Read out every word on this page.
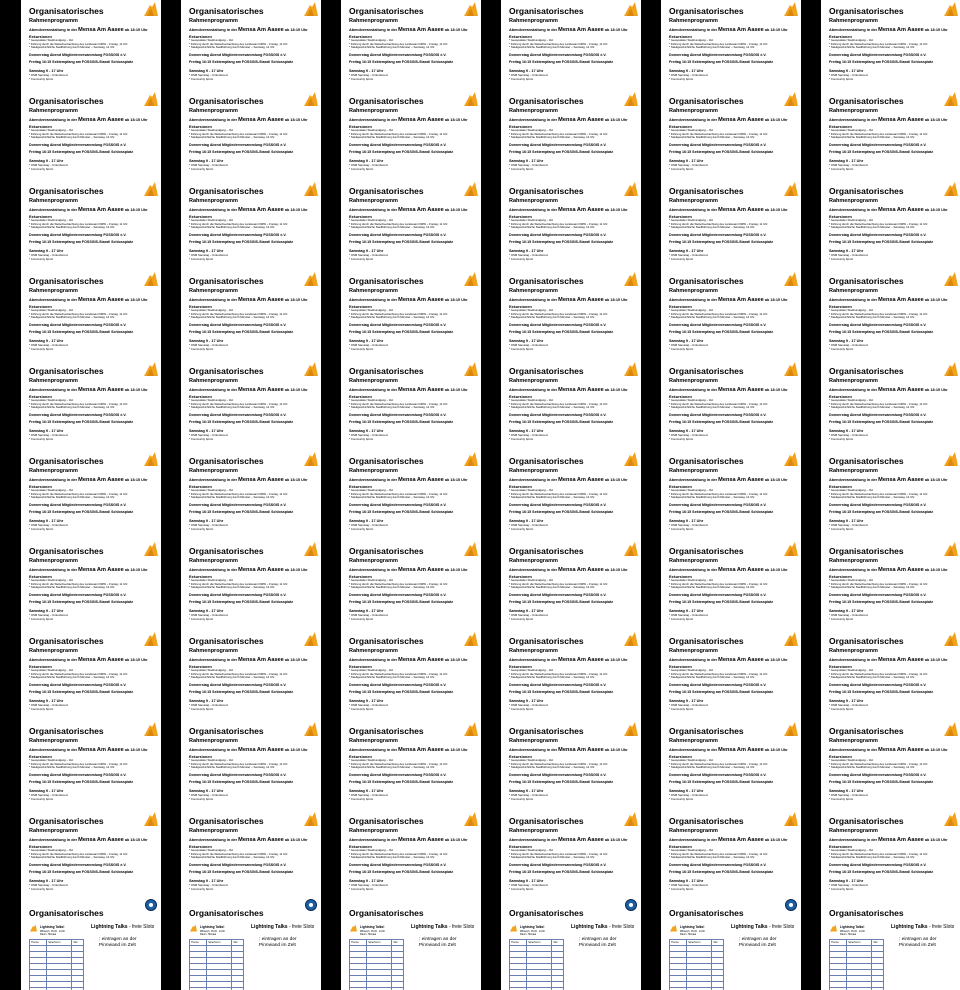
Organisatorisches
Rahmenprogramm
Abendveranstaltung in der Mensa Am Aasee ab 18:15 Uhr
Exkursionen
* Geospatialer Stadtrundgang – tbd
* Führung durch die Wetterbeobachtung des Landesamt NRW – Freitag, 11 Uhr
* Stadtgeschichtliche Stadtführung durch Münster – Samstag, 14 Uhr
Donnerstag Abend Mitgliederversammlung FOSSGIS e.V.
Freitag 16:15 Sektempfang am FOSSGIS-Stand/ Schlossplatz
Samstag 9 - 17 Uhr
* OSM Samstag – Unkonferenz
* Community Sprint
Organisatorisches
Rahmenprogramm
Abendveranstaltung in der Mensa Am Aasee ab 18:15 Uhr
Exkursionen
* Geospatialer Stadtrundgang – tbd
* Führung durch die Wetterbeobachtung des Landesamt NRW – Freitag, 11 Uhr
* Stadtgeschichtliche Stadtführung durch Münster – Samstag, 14 Uhr
Donnerstag Abend Mitgliederversammlung FOSSGIS e.V.
Freitag 16:15 Sektempfang am FOSSGIS-Stand/ Schlossplatz
Samstag 9 - 17 Uhr
* OSM Samstag – Unkonferenz
* Community Sprint
Organisatorisches
Rahmenprogramm
Abendveranstaltung in der Mensa Am Aasee ab 18:15 Uhr
Exkursionen
* Geospatialer Stadtrundgang – tbd
* Führung durch die Wetterbeobachtung des Landesamt NRW – Freitag, 11 Uhr
* Stadtgeschichtliche Stadtführung durch Münster – Samstag, 14 Uhr
Donnerstag Abend Mitgliederversammlung FOSSGIS e.V.
Freitag 16:15 Sektempfang am FOSSGIS-Stand/ Schlossplatz
Samstag 9 - 17 Uhr
* OSM Samstag – Unkonferenz
* Community Sprint
Organisatorisches
Rahmenprogramm
Abendveranstaltung in der Mensa Am Aasee ab 18:15 Uhr
Exkursionen
* Geospatialer Stadtrundgang – tbd
* Führung durch die Wetterbeobachtung des Landesamt NRW – Freitag, 11 Uhr
* Stadtgeschichtliche Stadtführung durch Münster – Samstag, 14 Uhr
Donnerstag Abend Mitgliederversammlung FOSSGIS e.V.
Freitag 16:15 Sektempfang am FOSSGIS-Stand/ Schlossplatz
Samstag 9 - 17 Uhr
* OSM Samstag – Unkonferenz
* Community Sprint
Organisatorisches
Rahmenprogramm
Abendveranstaltung in der Mensa Am Aasee ab 18:15 Uhr
Exkursionen
* Geospatialer Stadtrundgang – tbd
* Führung durch die Wetterbeobachtung des Landesamt NRW – Freitag, 11 Uhr
* Stadtgeschichtliche Stadtführung durch Münster – Samstag, 14 Uhr
Donnerstag Abend Mitgliederversammlung FOSSGIS e.V.
Freitag 16:15 Sektempfang am FOSSGIS-Stand/ Schlossplatz
Samstag 9 - 17 Uhr
* OSM Samstag – Unkonferenz
* Community Sprint
Organisatorisches
Rahmenprogramm
Abendveranstaltung in der Mensa Am Aasee ab 18:15 Uhr
Exkursionen
* Geospatialer Stadtrundgang – tbd
* Führung durch die Wetterbeobachtung des Landesamt NRW – Freitag, 11 Uhr
* Stadtgeschichtliche Stadtführung durch Münster – Samstag, 14 Uhr
Donnerstag Abend Mitgliederversammlung FOSSGIS e.V.
Freitag 16:15 Sektempfang am FOSSGIS-Stand/ Schlossplatz
Samstag 9 - 17 Uhr
* OSM Samstag – Unkonferenz
* Community Sprint
Organisatorisches
Rahmenprogramm
Abendveranstaltung in der Mensa Am Aasee ab 18:15 Uhr
Exkursionen
* Geospatialer Stadtrundgang – tbd
* Führung durch die Wetterbeobachtung des Landesamt NRW – Freitag, 11 Uhr
* Stadtgeschichtliche Stadtführung durch Münster – Samstag, 14 Uhr
Donnerstag Abend Mitgliederversammlung FOSSGIS e.V.
Freitag 16:15 Sektempfang am FOSSGIS-Stand/ Schlossplatz
Samstag 9 - 17 Uhr
* OSM Samstag – Unkonferenz
* Community Sprint
Organisatorisches
Rahmenprogramm
Abendveranstaltung in der Mensa Am Aasee ab 18:15 Uhr
Exkursionen
* Geospatialer Stadtrundgang – tbd
* Führung durch die Wetterbeobachtung des Landesamt NRW – Freitag, 11 Uhr
* Stadtgeschichtliche Stadtführung durch Münster – Samstag, 14 Uhr
Donnerstag Abend Mitgliederversammlung FOSSGIS e.V.
Freitag 16:15 Sektempfang am FOSSGIS-Stand/ Schlossplatz
Samstag 9 - 17 Uhr
* OSM Samstag – Unkonferenz
* Community Sprint
Organisatorisches
Rahmenprogramm
Abendveranstaltung in der Mensa Am Aasee ab 18:15 Uhr
Exkursionen
* Geospatialer Stadtrundgang – tbd
* Führung durch die Wetterbeobachtung des Landesamt NRW – Freitag, 11 Uhr
* Stadtgeschichtliche Stadtführung durch Münster – Samstag, 14 Uhr
Donnerstag Abend Mitgliederversammlung FOSSGIS e.V.
Freitag 16:15 Sektempfang am FOSSGIS-Stand/ Schlossplatz
Samstag 9 - 17 Uhr
* OSM Samstag – Unkonferenz
* Community Sprint
Organisatorisches
Rahmenprogramm
Abendveranstaltung in der Mensa Am Aasee ab 18:15 Uhr
Exkursionen
* Geospatialer Stadtrundgang – tbd
* Führung durch die Wetterbeobachtung des Landesamt NRW – Freitag, 11 Uhr
* Stadtgeschichtliche Stadtführung durch Münster – Samstag, 14 Uhr
Donnerstag Abend Mitgliederversammlung FOSSGIS e.V.
Freitag 16:15 Sektempfang am FOSSGIS-Stand/ Schlossplatz
Samstag 9 - 17 Uhr
* OSM Samstag – Unkonferenz
* Community Sprint
Organisatorisches
Lightning Talks!
Mittwoch, 18.03., 14:00
Raum: Hörsaal
Thema	Sprecher:in	Slot

Lightning Talks - freie Slots
: eintragen an der
Pinnwand im Zelt
Organisatorisches
Rahmenprogramm
Abendveranstaltung in der Mensa Am Aasee ab 18:15 Uhr
Exkursionen
* Geospatialer Stadtrundgang – tbd
* Führung durch die Wetterbeobachtung des Landesamt NRW – Freitag, 11 Uhr
* Stadtgeschichtliche Stadtführung durch Münster – Samstag, 14 Uhr
Donnerstag Abend Mitgliederversammlung FOSSGIS e.V.
Freitag 16:15 Sektempfang am FOSSGIS-Stand/ Schlossplatz
Samstag 9 - 17 Uhr
* OSM Samstag – Unkonferenz
* Community Sprint
Organisatorisches
Rahmenprogramm
Abendveranstaltung in der Mensa Am Aasee ab 18:15 Uhr
Exkursionen
* Geospatialer Stadtrundgang – tbd
* Führung durch die Wetterbeobachtung des Landesamt NRW – Freitag, 11 Uhr
* Stadtgeschichtliche Stadtführung durch Münster – Samstag, 14 Uhr
Donnerstag Abend Mitgliederversammlung FOSSGIS e.V.
Freitag 16:15 Sektempfang am FOSSGIS-Stand/ Schlossplatz
Samstag 9 - 17 Uhr
* OSM Samstag – Unkonferenz
* Community Sprint
Organisatorisches
Rahmenprogramm
Abendveranstaltung in der Mensa Am Aasee ab 18:15 Uhr
Exkursionen
* Geospatialer Stadtrundgang – tbd
* Führung durch die Wetterbeobachtung des Landesamt NRW – Freitag, 11 Uhr
* Stadtgeschichtliche Stadtführung durch Münster – Samstag, 14 Uhr
Donnerstag Abend Mitgliederversammlung FOSSGIS e.V.
Freitag 16:15 Sektempfang am FOSSGIS-Stand/ Schlossplatz
Samstag 9 - 17 Uhr
* OSM Samstag – Unkonferenz
* Community Sprint
Organisatorisches
Rahmenprogramm
Abendveranstaltung in der Mensa Am Aasee ab 18:15 Uhr
Exkursionen
* Geospatialer Stadtrundgang – tbd
* Führung durch die Wetterbeobachtung des Landesamt NRW – Freitag, 11 Uhr
* Stadtgeschichtliche Stadtführung durch Münster – Samstag, 14 Uhr
Donnerstag Abend Mitgliederversammlung FOSSGIS e.V.
Freitag 16:15 Sektempfang am FOSSGIS-Stand/ Schlossplatz
Samstag 9 - 17 Uhr
* OSM Samstag – Unkonferenz
* Community Sprint
Organisatorisches
Rahmenprogramm
Abendveranstaltung in der Mensa Am Aasee ab 18:15 Uhr
Exkursionen
* Geospatialer Stadtrundgang – tbd
* Führung durch die Wetterbeobachtung des Landesamt NRW – Freitag, 11 Uhr
* Stadtgeschichtliche Stadtführung durch Münster – Samstag, 14 Uhr
Donnerstag Abend Mitgliederversammlung FOSSGIS e.V.
Freitag 16:15 Sektempfang am FOSSGIS-Stand/ Schlossplatz
Samstag 9 - 17 Uhr
* OSM Samstag – Unkonferenz
* Community Sprint
Organisatorisches
Rahmenprogramm
Abendveranstaltung in der Mensa Am Aasee ab 18:15 Uhr
Exkursionen
* Geospatialer Stadtrundgang – tbd
* Führung durch die Wetterbeobachtung des Landesamt NRW – Freitag, 11 Uhr
* Stadtgeschichtliche Stadtführung durch Münster – Samstag, 14 Uhr
Donnerstag Abend Mitgliederversammlung FOSSGIS e.V.
Freitag 16:15 Sektempfang am FOSSGIS-Stand/ Schlossplatz
Samstag 9 - 17 Uhr
* OSM Samstag – Unkonferenz
* Community Sprint
Organisatorisches
Rahmenprogramm
Abendveranstaltung in der Mensa Am Aasee ab 18:15 Uhr
Exkursionen
* Geospatialer Stadtrundgang – tbd
* Führung durch die Wetterbeobachtung des Landesamt NRW – Freitag, 11 Uhr
* Stadtgeschichtliche Stadtführung durch Münster – Samstag, 14 Uhr
Donnerstag Abend Mitgliederversammlung FOSSGIS e.V.
Freitag 16:15 Sektempfang am FOSSGIS-Stand/ Schlossplatz
Samstag 9 - 17 Uhr
* OSM Samstag – Unkonferenz
* Community Sprint
Organisatorisches
Rahmenprogramm
Abendveranstaltung in der Mensa Am Aasee ab 18:15 Uhr
Exkursionen
* Geospatialer Stadtrundgang – tbd
* Führung durch die Wetterbeobachtung des Landesamt NRW – Freitag, 11 Uhr
* Stadtgeschichtliche Stadtführung durch Münster – Samstag, 14 Uhr
Donnerstag Abend Mitgliederversammlung FOSSGIS e.V.
Freitag 16:15 Sektempfang am FOSSGIS-Stand/ Schlossplatz
Samstag 9 - 17 Uhr
* OSM Samstag – Unkonferenz
* Community Sprint
Organisatorisches
Rahmenprogramm
Abendveranstaltung in der Mensa Am Aasee ab 18:15 Uhr
Exkursionen
* Geospatialer Stadtrundgang – tbd
* Führung durch die Wetterbeobachtung des Landesamt NRW – Freitag, 11 Uhr
* Stadtgeschichtliche Stadtführung durch Münster – Samstag, 14 Uhr
Donnerstag Abend Mitgliederversammlung FOSSGIS e.V.
Freitag 16:15 Sektempfang am FOSSGIS-Stand/ Schlossplatz
Samstag 9 - 17 Uhr
* OSM Samstag – Unkonferenz
* Community Sprint
Organisatorisches
Rahmenprogramm
Abendveranstaltung in der Mensa Am Aasee ab 18:15 Uhr
Exkursionen
* Geospatialer Stadtrundgang – tbd
* Führung durch die Wetterbeobachtung des Landesamt NRW – Freitag, 11 Uhr
* Stadtgeschichtliche Stadtführung durch Münster – Samstag, 14 Uhr
Donnerstag Abend Mitgliederversammlung FOSSGIS e.V.
Freitag 16:15 Sektempfang am FOSSGIS-Stand/ Schlossplatz
Samstag 9 - 17 Uhr
* OSM Samstag – Unkonferenz
* Community Sprint
Organisatorisches
Lightning Talks!
Mittwoch, 18.03., 14:00
Raum: Hörsaal
Thema	Sprecher:in	Slot

Lightning Talks - freie Slots
: eintragen an der
Pinnwand im Zelt
Organisatorisches
Rahmenprogramm
Abendveranstaltung in der Mensa Am Aasee ab 18:15 Uhr
Exkursionen
* Geospatialer Stadtrundgang – tbd
* Führung durch die Wetterbeobachtung des Landesamt NRW – Freitag, 11 Uhr
* Stadtgeschichtliche Stadtführung durch Münster – Samstag, 14 Uhr
Donnerstag Abend Mitgliederversammlung FOSSGIS e.V.
Freitag 16:15 Sektempfang am FOSSGIS-Stand/ Schlossplatz
Samstag 9 - 17 Uhr
* OSM Samstag – Unkonferenz
* Community Sprint
Organisatorisches
Rahmenprogramm
Abendveranstaltung in der Mensa Am Aasee ab 18:15 Uhr
Exkursionen
* Geospatialer Stadtrundgang – tbd
* Führung durch die Wetterbeobachtung des Landesamt NRW – Freitag, 11 Uhr
* Stadtgeschichtliche Stadtführung durch Münster – Samstag, 14 Uhr
Donnerstag Abend Mitgliederversammlung FOSSGIS e.V.
Freitag 16:15 Sektempfang am FOSSGIS-Stand/ Schlossplatz
Samstag 9 - 17 Uhr
* OSM Samstag – Unkonferenz
* Community Sprint
Organisatorisches
Rahmenprogramm
Abendveranstaltung in der Mensa Am Aasee ab 18:15 Uhr
Exkursionen
* Geospatialer Stadtrundgang – tbd
* Führung durch die Wetterbeobachtung des Landesamt NRW – Freitag, 11 Uhr
* Stadtgeschichtliche Stadtführung durch Münster – Samstag, 14 Uhr
Donnerstag Abend Mitgliederversammlung FOSSGIS e.V.
Freitag 16:15 Sektempfang am FOSSGIS-Stand/ Schlossplatz
Samstag 9 - 17 Uhr
* OSM Samstag – Unkonferenz
* Community Sprint
Organisatorisches
Rahmenprogramm
Abendveranstaltung in der Mensa Am Aasee ab 18:15 Uhr
Exkursionen
* Geospatialer Stadtrundgang – tbd
* Führung durch die Wetterbeobachtung des Landesamt NRW – Freitag, 11 Uhr
* Stadtgeschichtliche Stadtführung durch Münster – Samstag, 14 Uhr
Donnerstag Abend Mitgliederversammlung FOSSGIS e.V.
Freitag 16:15 Sektempfang am FOSSGIS-Stand/ Schlossplatz
Samstag 9 - 17 Uhr
* OSM Samstag – Unkonferenz
* Community Sprint
Organisatorisches
Rahmenprogramm
Abendveranstaltung in der Mensa Am Aasee ab 18:15 Uhr
Exkursionen
* Geospatialer Stadtrundgang – tbd
* Führung durch die Wetterbeobachtung des Landesamt NRW – Freitag, 11 Uhr
* Stadtgeschichtliche Stadtführung durch Münster – Samstag, 14 Uhr
Donnerstag Abend Mitgliederversammlung FOSSGIS e.V.
Freitag 16:15 Sektempfang am FOSSGIS-Stand/ Schlossplatz
Samstag 9 - 17 Uhr
* OSM Samstag – Unkonferenz
* Community Sprint
Organisatorisches
Rahmenprogramm
Abendveranstaltung in der Mensa Am Aasee ab 18:15 Uhr
Exkursionen
* Geospatialer Stadtrundgang – tbd
* Führung durch die Wetterbeobachtung des Landesamt NRW – Freitag, 11 Uhr
* Stadtgeschichtliche Stadtführung durch Münster – Samstag, 14 Uhr
Donnerstag Abend Mitgliederversammlung FOSSGIS e.V.
Freitag 16:15 Sektempfang am FOSSGIS-Stand/ Schlossplatz
Samstag 9 - 17 Uhr
* OSM Samstag – Unkonferenz
* Community Sprint
Organisatorisches
Rahmenprogramm
Abendveranstaltung in der Mensa Am Aasee ab 18:15 Uhr
Exkursionen
* Geospatialer Stadtrundgang – tbd
* Führung durch die Wetterbeobachtung des Landesamt NRW – Freitag, 11 Uhr
* Stadtgeschichtliche Stadtführung durch Münster – Samstag, 14 Uhr
Donnerstag Abend Mitgliederversammlung FOSSGIS e.V.
Freitag 16:15 Sektempfang am FOSSGIS-Stand/ Schlossplatz
Samstag 9 - 17 Uhr
* OSM Samstag – Unkonferenz
* Community Sprint
Organisatorisches
Rahmenprogramm
Abendveranstaltung in der Mensa Am Aasee ab 18:15 Uhr
Exkursionen
* Geospatialer Stadtrundgang – tbd
* Führung durch die Wetterbeobachtung des Landesamt NRW – Freitag, 11 Uhr
* Stadtgeschichtliche Stadtführung durch Münster – Samstag, 14 Uhr
Donnerstag Abend Mitgliederversammlung FOSSGIS e.V.
Freitag 16:15 Sektempfang am FOSSGIS-Stand/ Schlossplatz
Samstag 9 - 17 Uhr
* OSM Samstag – Unkonferenz
* Community Sprint
Organisatorisches
Rahmenprogramm
Abendveranstaltung in der Mensa Am Aasee ab 18:15 Uhr
Exkursionen
* Geospatialer Stadtrundgang – tbd
* Führung durch die Wetterbeobachtung des Landesamt NRW – Freitag, 11 Uhr
* Stadtgeschichtliche Stadtführung durch Münster – Samstag, 14 Uhr
Donnerstag Abend Mitgliederversammlung FOSSGIS e.V.
Freitag 16:15 Sektempfang am FOSSGIS-Stand/ Schlossplatz
Samstag 9 - 17 Uhr
* OSM Samstag – Unkonferenz
* Community Sprint
Organisatorisches
Rahmenprogramm
Abendveranstaltung in der Mensa Am Aasee ab 18:15 Uhr
Exkursionen
* Geospatialer Stadtrundgang – tbd
* Führung durch die Wetterbeobachtung des Landesamt NRW – Freitag, 11 Uhr
* Stadtgeschichtliche Stadtführung durch Münster – Samstag, 14 Uhr
Donnerstag Abend Mitgliederversammlung FOSSGIS e.V.
Freitag 16:15 Sektempfang am FOSSGIS-Stand/ Schlossplatz
Samstag 9 - 17 Uhr
* OSM Samstag – Unkonferenz
* Community Sprint
Organisatorisches
Lightning Talks!
Mittwoch, 18.03., 14:00
Raum: Hörsaal
Thema	Sprecher:in	Slot

Lightning Talks - freie Slots
: eintragen an der
Pinnwand im Zelt
Organisatorisches
Rahmenprogramm
Abendveranstaltung in der Mensa Am Aasee ab 18:15 Uhr
Exkursionen
* Geospatialer Stadtrundgang – tbd
* Führung durch die Wetterbeobachtung des Landesamt NRW – Freitag, 11 Uhr
* Stadtgeschichtliche Stadtführung durch Münster – Samstag, 14 Uhr
Donnerstag Abend Mitgliederversammlung FOSSGIS e.V.
Freitag 16:15 Sektempfang am FOSSGIS-Stand/ Schlossplatz
Samstag 9 - 17 Uhr
* OSM Samstag – Unkonferenz
* Community Sprint
Organisatorisches
Rahmenprogramm
Abendveranstaltung in der Mensa Am Aasee ab 18:15 Uhr
Exkursionen
* Geospatialer Stadtrundgang – tbd
* Führung durch die Wetterbeobachtung des Landesamt NRW – Freitag, 11 Uhr
* Stadtgeschichtliche Stadtführung durch Münster – Samstag, 14 Uhr
Donnerstag Abend Mitgliederversammlung FOSSGIS e.V.
Freitag 16:15 Sektempfang am FOSSGIS-Stand/ Schlossplatz
Samstag 9 - 17 Uhr
* OSM Samstag – Unkonferenz
* Community Sprint
Organisatorisches
Rahmenprogramm
Abendveranstaltung in der Mensa Am Aasee ab 18:15 Uhr
Exkursionen
* Geospatialer Stadtrundgang – tbd
* Führung durch die Wetterbeobachtung des Landesamt NRW – Freitag, 11 Uhr
* Stadtgeschichtliche Stadtführung durch Münster – Samstag, 14 Uhr
Donnerstag Abend Mitgliederversammlung FOSSGIS e.V.
Freitag 16:15 Sektempfang am FOSSGIS-Stand/ Schlossplatz
Samstag 9 - 17 Uhr
* OSM Samstag – Unkonferenz
* Community Sprint
Organisatorisches
Rahmenprogramm
Abendveranstaltung in der Mensa Am Aasee ab 18:15 Uhr
Exkursionen
* Geospatialer Stadtrundgang – tbd
* Führung durch die Wetterbeobachtung des Landesamt NRW – Freitag, 11 Uhr
* Stadtgeschichtliche Stadtführung durch Münster – Samstag, 14 Uhr
Donnerstag Abend Mitgliederversammlung FOSSGIS e.V.
Freitag 16:15 Sektempfang am FOSSGIS-Stand/ Schlossplatz
Samstag 9 - 17 Uhr
* OSM Samstag – Unkonferenz
* Community Sprint
Organisatorisches
Rahmenprogramm
Abendveranstaltung in der Mensa Am Aasee ab 18:15 Uhr
Exkursionen
* Geospatialer Stadtrundgang – tbd
* Führung durch die Wetterbeobachtung des Landesamt NRW – Freitag, 11 Uhr
* Stadtgeschichtliche Stadtführung durch Münster – Samstag, 14 Uhr
Donnerstag Abend Mitgliederversammlung FOSSGIS e.V.
Freitag 16:15 Sektempfang am FOSSGIS-Stand/ Schlossplatz
Samstag 9 - 17 Uhr
* OSM Samstag – Unkonferenz
* Community Sprint
Organisatorisches
Rahmenprogramm
Abendveranstaltung in der Mensa Am Aasee ab 18:15 Uhr
Exkursionen
* Geospatialer Stadtrundgang – tbd
* Führung durch die Wetterbeobachtung des Landesamt NRW – Freitag, 11 Uhr
* Stadtgeschichtliche Stadtführung durch Münster – Samstag, 14 Uhr
Donnerstag Abend Mitgliederversammlung FOSSGIS e.V.
Freitag 16:15 Sektempfang am FOSSGIS-Stand/ Schlossplatz
Samstag 9 - 17 Uhr
* OSM Samstag – Unkonferenz
* Community Sprint
Organisatorisches
Rahmenprogramm
Abendveranstaltung in der Mensa Am Aasee ab 18:15 Uhr
Exkursionen
* Geospatialer Stadtrundgang – tbd
* Führung durch die Wetterbeobachtung des Landesamt NRW – Freitag, 11 Uhr
* Stadtgeschichtliche Stadtführung durch Münster – Samstag, 14 Uhr
Donnerstag Abend Mitgliederversammlung FOSSGIS e.V.
Freitag 16:15 Sektempfang am FOSSGIS-Stand/ Schlossplatz
Samstag 9 - 17 Uhr
* OSM Samstag – Unkonferenz
* Community Sprint
Organisatorisches
Rahmenprogramm
Abendveranstaltung in der Mensa Am Aasee ab 18:15 Uhr
Exkursionen
* Geospatialer Stadtrundgang – tbd
* Führung durch die Wetterbeobachtung des Landesamt NRW – Freitag, 11 Uhr
* Stadtgeschichtliche Stadtführung durch Münster – Samstag, 14 Uhr
Donnerstag Abend Mitgliederversammlung FOSSGIS e.V.
Freitag 16:15 Sektempfang am FOSSGIS-Stand/ Schlossplatz
Samstag 9 - 17 Uhr
* OSM Samstag – Unkonferenz
* Community Sprint
Organisatorisches
Rahmenprogramm
Abendveranstaltung in der Mensa Am Aasee ab 18:15 Uhr
Exkursionen
* Geospatialer Stadtrundgang – tbd
* Führung durch die Wetterbeobachtung des Landesamt NRW – Freitag, 11 Uhr
* Stadtgeschichtliche Stadtführung durch Münster – Samstag, 14 Uhr
Donnerstag Abend Mitgliederversammlung FOSSGIS e.V.
Freitag 16:15 Sektempfang am FOSSGIS-Stand/ Schlossplatz
Samstag 9 - 17 Uhr
* OSM Samstag – Unkonferenz
* Community Sprint
Organisatorisches
Rahmenprogramm
Abendveranstaltung in der Mensa Am Aasee ab 18:15 Uhr
Exkursionen
* Geospatialer Stadtrundgang – tbd
* Führung durch die Wetterbeobachtung des Landesamt NRW – Freitag, 11 Uhr
* Stadtgeschichtliche Stadtführung durch Münster – Samstag, 14 Uhr
Donnerstag Abend Mitgliederversammlung FOSSGIS e.V.
Freitag 16:15 Sektempfang am FOSSGIS-Stand/ Schlossplatz
Samstag 9 - 17 Uhr
* OSM Samstag – Unkonferenz
* Community Sprint
Organisatorisches
Lightning Talks!
Mittwoch, 18.03., 14:00
Raum: Hörsaal
Thema	Sprecher:in	Slot

Lightning Talks - freie Slots
: eintragen an der
Pinnwand im Zelt
Organisatorisches
Rahmenprogramm
Abendveranstaltung in der Mensa Am Aasee ab 18:15 Uhr
Exkursionen
* Geospatialer Stadtrundgang – tbd
* Führung durch die Wetterbeobachtung des Landesamt NRW – Freitag, 11 Uhr
* Stadtgeschichtliche Stadtführung durch Münster – Samstag, 14 Uhr
Donnerstag Abend Mitgliederversammlung FOSSGIS e.V.
Freitag 16:15 Sektempfang am FOSSGIS-Stand/ Schlossplatz
Samstag 9 - 17 Uhr
* OSM Samstag – Unkonferenz
* Community Sprint
Organisatorisches
Rahmenprogramm
Abendveranstaltung in der Mensa Am Aasee ab 18:15 Uhr
Exkursionen
* Geospatialer Stadtrundgang – tbd
* Führung durch die Wetterbeobachtung des Landesamt NRW – Freitag, 11 Uhr
* Stadtgeschichtliche Stadtführung durch Münster – Samstag, 14 Uhr
Donnerstag Abend Mitgliederversammlung FOSSGIS e.V.
Freitag 16:15 Sektempfang am FOSSGIS-Stand/ Schlossplatz
Samstag 9 - 17 Uhr
* OSM Samstag – Unkonferenz
* Community Sprint
Organisatorisches
Rahmenprogramm
Abendveranstaltung in der Mensa Am Aasee ab 18:15 Uhr
Exkursionen
* Geospatialer Stadtrundgang – tbd
* Führung durch die Wetterbeobachtung des Landesamt NRW – Freitag, 11 Uhr
* Stadtgeschichtliche Stadtführung durch Münster – Samstag, 14 Uhr
Donnerstag Abend Mitgliederversammlung FOSSGIS e.V.
Freitag 16:15 Sektempfang am FOSSGIS-Stand/ Schlossplatz
Samstag 9 - 17 Uhr
* OSM Samstag – Unkonferenz
* Community Sprint
Organisatorisches
Rahmenprogramm
Abendveranstaltung in der Mensa Am Aasee ab 18:15 Uhr
Exkursionen
* Geospatialer Stadtrundgang – tbd
* Führung durch die Wetterbeobachtung des Landesamt NRW – Freitag, 11 Uhr
* Stadtgeschichtliche Stadtführung durch Münster – Samstag, 14 Uhr
Donnerstag Abend Mitgliederversammlung FOSSGIS e.V.
Freitag 16:15 Sektempfang am FOSSGIS-Stand/ Schlossplatz
Samstag 9 - 17 Uhr
* OSM Samstag – Unkonferenz
* Community Sprint
Organisatorisches
Rahmenprogramm
Abendveranstaltung in der Mensa Am Aasee ab 18:15 Uhr
Exkursionen
* Geospatialer Stadtrundgang – tbd
* Führung durch die Wetterbeobachtung des Landesamt NRW – Freitag, 11 Uhr
* Stadtgeschichtliche Stadtführung durch Münster – Samstag, 14 Uhr
Donnerstag Abend Mitgliederversammlung FOSSGIS e.V.
Freitag 16:15 Sektempfang am FOSSGIS-Stand/ Schlossplatz
Samstag 9 - 17 Uhr
* OSM Samstag – Unkonferenz
* Community Sprint
Organisatorisches
Rahmenprogramm
Abendveranstaltung in der Mensa Am Aasee ab 18:15 Uhr
Exkursionen
* Geospatialer Stadtrundgang – tbd
* Führung durch die Wetterbeobachtung des Landesamt NRW – Freitag, 11 Uhr
* Stadtgeschichtliche Stadtführung durch Münster – Samstag, 14 Uhr
Donnerstag Abend Mitgliederversammlung FOSSGIS e.V.
Freitag 16:15 Sektempfang am FOSSGIS-Stand/ Schlossplatz
Samstag 9 - 17 Uhr
* OSM Samstag – Unkonferenz
* Community Sprint
Organisatorisches
Rahmenprogramm
Abendveranstaltung in der Mensa Am Aasee ab 18:15 Uhr
Exkursionen
* Geospatialer Stadtrundgang – tbd
* Führung durch die Wetterbeobachtung des Landesamt NRW – Freitag, 11 Uhr
* Stadtgeschichtliche Stadtführung durch Münster – Samstag, 14 Uhr
Donnerstag Abend Mitgliederversammlung FOSSGIS e.V.
Freitag 16:15 Sektempfang am FOSSGIS-Stand/ Schlossplatz
Samstag 9 - 17 Uhr
* OSM Samstag – Unkonferenz
* Community Sprint
Organisatorisches
Rahmenprogramm
Abendveranstaltung in der Mensa Am Aasee ab 18:15 Uhr
Exkursionen
* Geospatialer Stadtrundgang – tbd
* Führung durch die Wetterbeobachtung des Landesamt NRW – Freitag, 11 Uhr
* Stadtgeschichtliche Stadtführung durch Münster – Samstag, 14 Uhr
Donnerstag Abend Mitgliederversammlung FOSSGIS e.V.
Freitag 16:15 Sektempfang am FOSSGIS-Stand/ Schlossplatz
Samstag 9 - 17 Uhr
* OSM Samstag – Unkonferenz
* Community Sprint
Organisatorisches
Rahmenprogramm
Abendveranstaltung in der Mensa Am Aasee ab 18:15 Uhr
Exkursionen
* Geospatialer Stadtrundgang – tbd
* Führung durch die Wetterbeobachtung des Landesamt NRW – Freitag, 11 Uhr
* Stadtgeschichtliche Stadtführung durch Münster – Samstag, 14 Uhr
Donnerstag Abend Mitgliederversammlung FOSSGIS e.V.
Freitag 16:15 Sektempfang am FOSSGIS-Stand/ Schlossplatz
Samstag 9 - 17 Uhr
* OSM Samstag – Unkonferenz
* Community Sprint
Organisatorisches
Rahmenprogramm
Abendveranstaltung in der Mensa Am Aasee ab 18:15 Uhr
Exkursionen
* Geospatialer Stadtrundgang – tbd
* Führung durch die Wetterbeobachtung des Landesamt NRW – Freitag, 11 Uhr
* Stadtgeschichtliche Stadtführung durch Münster – Samstag, 14 Uhr
Donnerstag Abend Mitgliederversammlung FOSSGIS e.V.
Freitag 16:15 Sektempfang am FOSSGIS-Stand/ Schlossplatz
Samstag 9 - 17 Uhr
* OSM Samstag – Unkonferenz
* Community Sprint
Organisatorisches
Lightning Talks!
Mittwoch, 18.03., 14:00
Raum: Hörsaal
Thema	Sprecher:in	Slot

Lightning Talks - freie Slots
: eintragen an der
Pinnwand im Zelt
Organisatorisches
Rahmenprogramm
Abendveranstaltung in der Mensa Am Aasee ab 18:15 Uhr
Exkursionen
* Geospatialer Stadtrundgang – tbd
* Führung durch die Wetterbeobachtung des Landesamt NRW – Freitag, 11 Uhr
* Stadtgeschichtliche Stadtführung durch Münster – Samstag, 14 Uhr
Donnerstag Abend Mitgliederversammlung FOSSGIS e.V.
Freitag 16:15 Sektempfang am FOSSGIS-Stand/ Schlossplatz
Samstag 9 - 17 Uhr
* OSM Samstag – Unkonferenz
* Community Sprint
Organisatorisches
Rahmenprogramm
Abendveranstaltung in der Mensa Am Aasee ab 18:15 Uhr
Exkursionen
* Geospatialer Stadtrundgang – tbd
* Führung durch die Wetterbeobachtung des Landesamt NRW – Freitag, 11 Uhr
* Stadtgeschichtliche Stadtführung durch Münster – Samstag, 14 Uhr
Donnerstag Abend Mitgliederversammlung FOSSGIS e.V.
Freitag 16:15 Sektempfang am FOSSGIS-Stand/ Schlossplatz
Samstag 9 - 17 Uhr
* OSM Samstag – Unkonferenz
* Community Sprint
Organisatorisches
Rahmenprogramm
Abendveranstaltung in der Mensa Am Aasee ab 18:15 Uhr
Exkursionen
* Geospatialer Stadtrundgang – tbd
* Führung durch die Wetterbeobachtung des Landesamt NRW – Freitag, 11 Uhr
* Stadtgeschichtliche Stadtführung durch Münster – Samstag, 14 Uhr
Donnerstag Abend Mitgliederversammlung FOSSGIS e.V.
Freitag 16:15 Sektempfang am FOSSGIS-Stand/ Schlossplatz
Samstag 9 - 17 Uhr
* OSM Samstag – Unkonferenz
* Community Sprint
Organisatorisches
Rahmenprogramm
Abendveranstaltung in der Mensa Am Aasee ab 18:15 Uhr
Exkursionen
* Geospatialer Stadtrundgang – tbd
* Führung durch die Wetterbeobachtung des Landesamt NRW – Freitag, 11 Uhr
* Stadtgeschichtliche Stadtführung durch Münster – Samstag, 14 Uhr
Donnerstag Abend Mitgliederversammlung FOSSGIS e.V.
Freitag 16:15 Sektempfang am FOSSGIS-Stand/ Schlossplatz
Samstag 9 - 17 Uhr
* OSM Samstag – Unkonferenz
* Community Sprint
Organisatorisches
Rahmenprogramm
Abendveranstaltung in der Mensa Am Aasee ab 18:15 Uhr
Exkursionen
* Geospatialer Stadtrundgang – tbd
* Führung durch die Wetterbeobachtung des Landesamt NRW – Freitag, 11 Uhr
* Stadtgeschichtliche Stadtführung durch Münster – Samstag, 14 Uhr
Donnerstag Abend Mitgliederversammlung FOSSGIS e.V.
Freitag 16:15 Sektempfang am FOSSGIS-Stand/ Schlossplatz
Samstag 9 - 17 Uhr
* OSM Samstag – Unkonferenz
* Community Sprint
Organisatorisches
Rahmenprogramm
Abendveranstaltung in der Mensa Am Aasee ab 18:15 Uhr
Exkursionen
* Geospatialer Stadtrundgang – tbd
* Führung durch die Wetterbeobachtung des Landesamt NRW – Freitag, 11 Uhr
* Stadtgeschichtliche Stadtführung durch Münster – Samstag, 14 Uhr
Donnerstag Abend Mitgliederversammlung FOSSGIS e.V.
Freitag 16:15 Sektempfang am FOSSGIS-Stand/ Schlossplatz
Samstag 9 - 17 Uhr
* OSM Samstag – Unkonferenz
* Community Sprint
Organisatorisches
Rahmenprogramm
Abendveranstaltung in der Mensa Am Aasee ab 18:15 Uhr
Exkursionen
* Geospatialer Stadtrundgang – tbd
* Führung durch die Wetterbeobachtung des Landesamt NRW – Freitag, 11 Uhr
* Stadtgeschichtliche Stadtführung durch Münster – Samstag, 14 Uhr
Donnerstag Abend Mitgliederversammlung FOSSGIS e.V.
Freitag 16:15 Sektempfang am FOSSGIS-Stand/ Schlossplatz
Samstag 9 - 17 Uhr
* OSM Samstag – Unkonferenz
* Community Sprint
Organisatorisches
Rahmenprogramm
Abendveranstaltung in der Mensa Am Aasee ab 18:15 Uhr
Exkursionen
* Geospatialer Stadtrundgang – tbd
* Führung durch die Wetterbeobachtung des Landesamt NRW – Freitag, 11 Uhr
* Stadtgeschichtliche Stadtführung durch Münster – Samstag, 14 Uhr
Donnerstag Abend Mitgliederversammlung FOSSGIS e.V.
Freitag 16:15 Sektempfang am FOSSGIS-Stand/ Schlossplatz
Samstag 9 - 17 Uhr
* OSM Samstag – Unkonferenz
* Community Sprint
Organisatorisches
Rahmenprogramm
Abendveranstaltung in der Mensa Am Aasee ab 18:15 Uhr
Exkursionen
* Geospatialer Stadtrundgang – tbd
* Führung durch die Wetterbeobachtung des Landesamt NRW – Freitag, 11 Uhr
* Stadtgeschichtliche Stadtführung durch Münster – Samstag, 14 Uhr
Donnerstag Abend Mitgliederversammlung FOSSGIS e.V.
Freitag 16:15 Sektempfang am FOSSGIS-Stand/ Schlossplatz
Samstag 9 - 17 Uhr
* OSM Samstag – Unkonferenz
* Community Sprint
Organisatorisches
Rahmenprogramm
Abendveranstaltung in der Mensa Am Aasee ab 18:15 Uhr
Exkursionen
* Geospatialer Stadtrundgang – tbd
* Führung durch die Wetterbeobachtung des Landesamt NRW – Freitag, 11 Uhr
* Stadtgeschichtliche Stadtführung durch Münster – Samstag, 14 Uhr
Donnerstag Abend Mitgliederversammlung FOSSGIS e.V.
Freitag 16:15 Sektempfang am FOSSGIS-Stand/ Schlossplatz
Samstag 9 - 17 Uhr
* OSM Samstag – Unkonferenz
* Community Sprint
Organisatorisches
Lightning Talks!
Mittwoch, 18.03., 14:00
Raum: Hörsaal
Thema	Sprecher:in	Slot

Lightning Talks - freie Slots
: eintragen an der
Pinnwand im Zelt
